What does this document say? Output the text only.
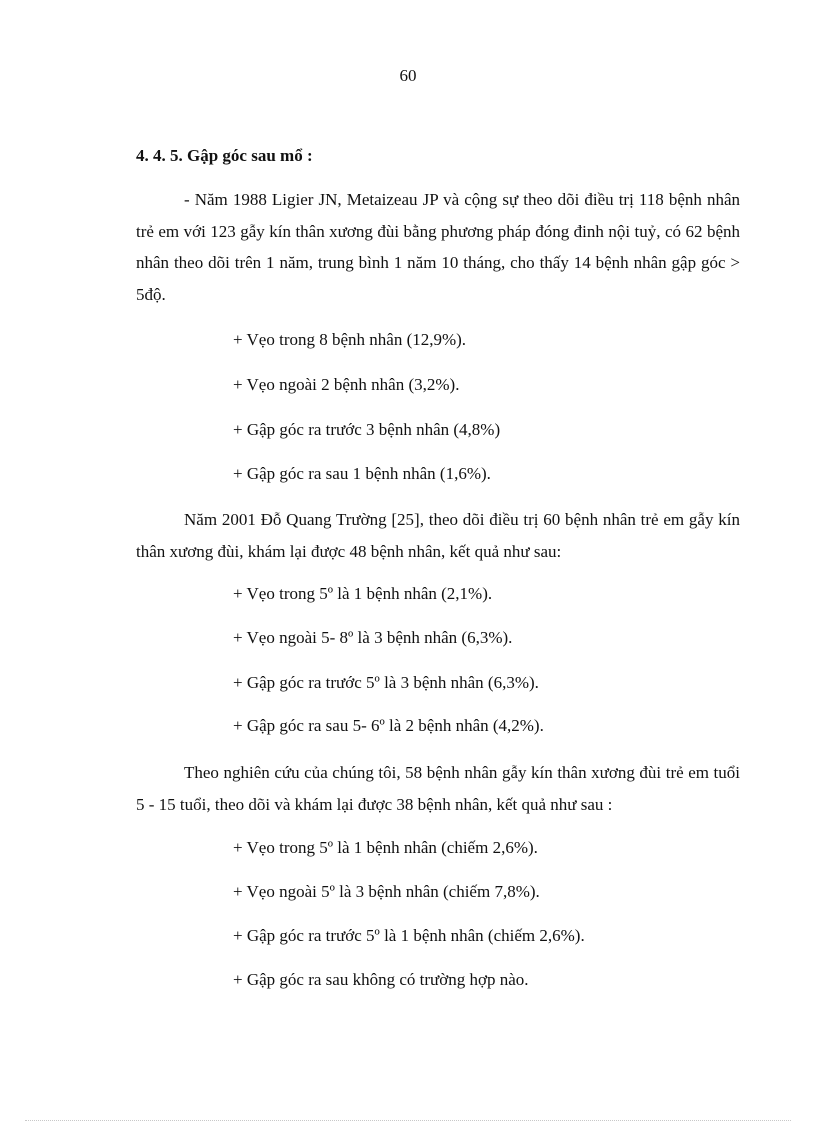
60
4. 4. 5. Gập góc sau mổ :

- Năm 1988 Ligier JN, Metaizeau JP và cộng sự theo dõi điều trị 118 bệnh nhân trẻ em với 123 gẫy kín thân xương đùi bằng phương pháp đóng đinh nội tuỷ, có 62 bệnh nhân theo dõi trên 1 năm, trung bình 1 năm 10 tháng, cho thấy 14 bệnh nhân gập góc > 5độ.

+ Vẹo trong 8 bệnh nhân (12,9%).
+ Vẹo ngoài 2 bệnh nhân (3,2%).
+ Gập góc ra trước 3 bệnh nhân (4,8%)
+ Gập góc ra sau 1 bệnh nhân (1,6%).

Năm 2001 Đỗ Quang Trường [25], theo dõi điều trị 60 bệnh nhân trẻ em gẫy kín thân xương đùi, khám lại được 48 bệnh nhân, kết quả như sau:

+ Vẹo trong 5º là 1 bệnh nhân (2,1%).
+ Vẹo ngoài 5- 8º là 3 bệnh nhân (6,3%).
+ Gập góc ra trước 5º là 3 bệnh nhân (6,3%).
+ Gập góc ra sau 5- 6º là 2 bệnh nhân (4,2%).

Theo nghiên cứu của chúng tôi, 58 bệnh nhân gẫy kín thân xương đùi trẻ em tuổi 5 - 15 tuổi, theo dõi và khám lại được 38 bệnh nhân, kết quả như sau :

+ Vẹo trong 5º là 1 bệnh nhân (chiếm 2,6%).
+ Vẹo ngoài 5º là 3 bệnh nhân (chiếm 7,8%).
+ Gập góc ra trước 5º là 1 bệnh nhân (chiếm 2,6%).
+ Gập góc ra sau không có trường hợp nào.
